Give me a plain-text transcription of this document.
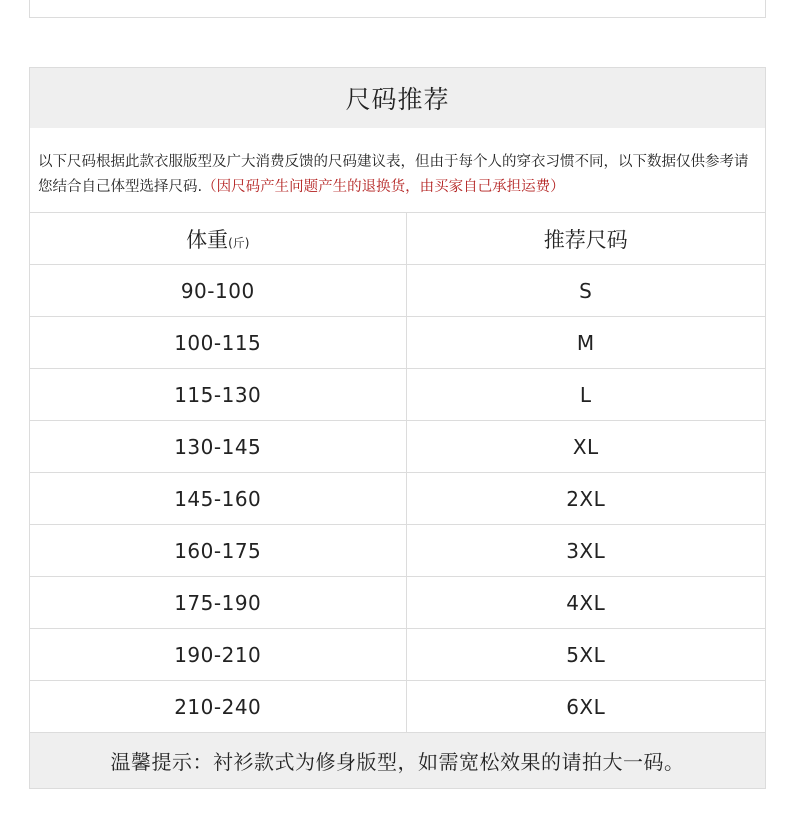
尺码推荐
以下尺码根据此款衣服版型及广大消费反馈的尺码建议表，但由于每个人的穿衣习惯不同，以下数据仅供参考请您结合自己体型选择尺码.（因尺码产生问题产生的退换货，由买家自己承担运费）
体重(斤)	推荐尺码
90-100	S
100-115	M
115-130	L
130-145	XL
145-160	2XL
160-175	3XL
175-190	4XL
190-210	5XL
210-240	6XL
温馨提示：衬衫款式为修身版型，如需宽松效果的请拍大一码。
